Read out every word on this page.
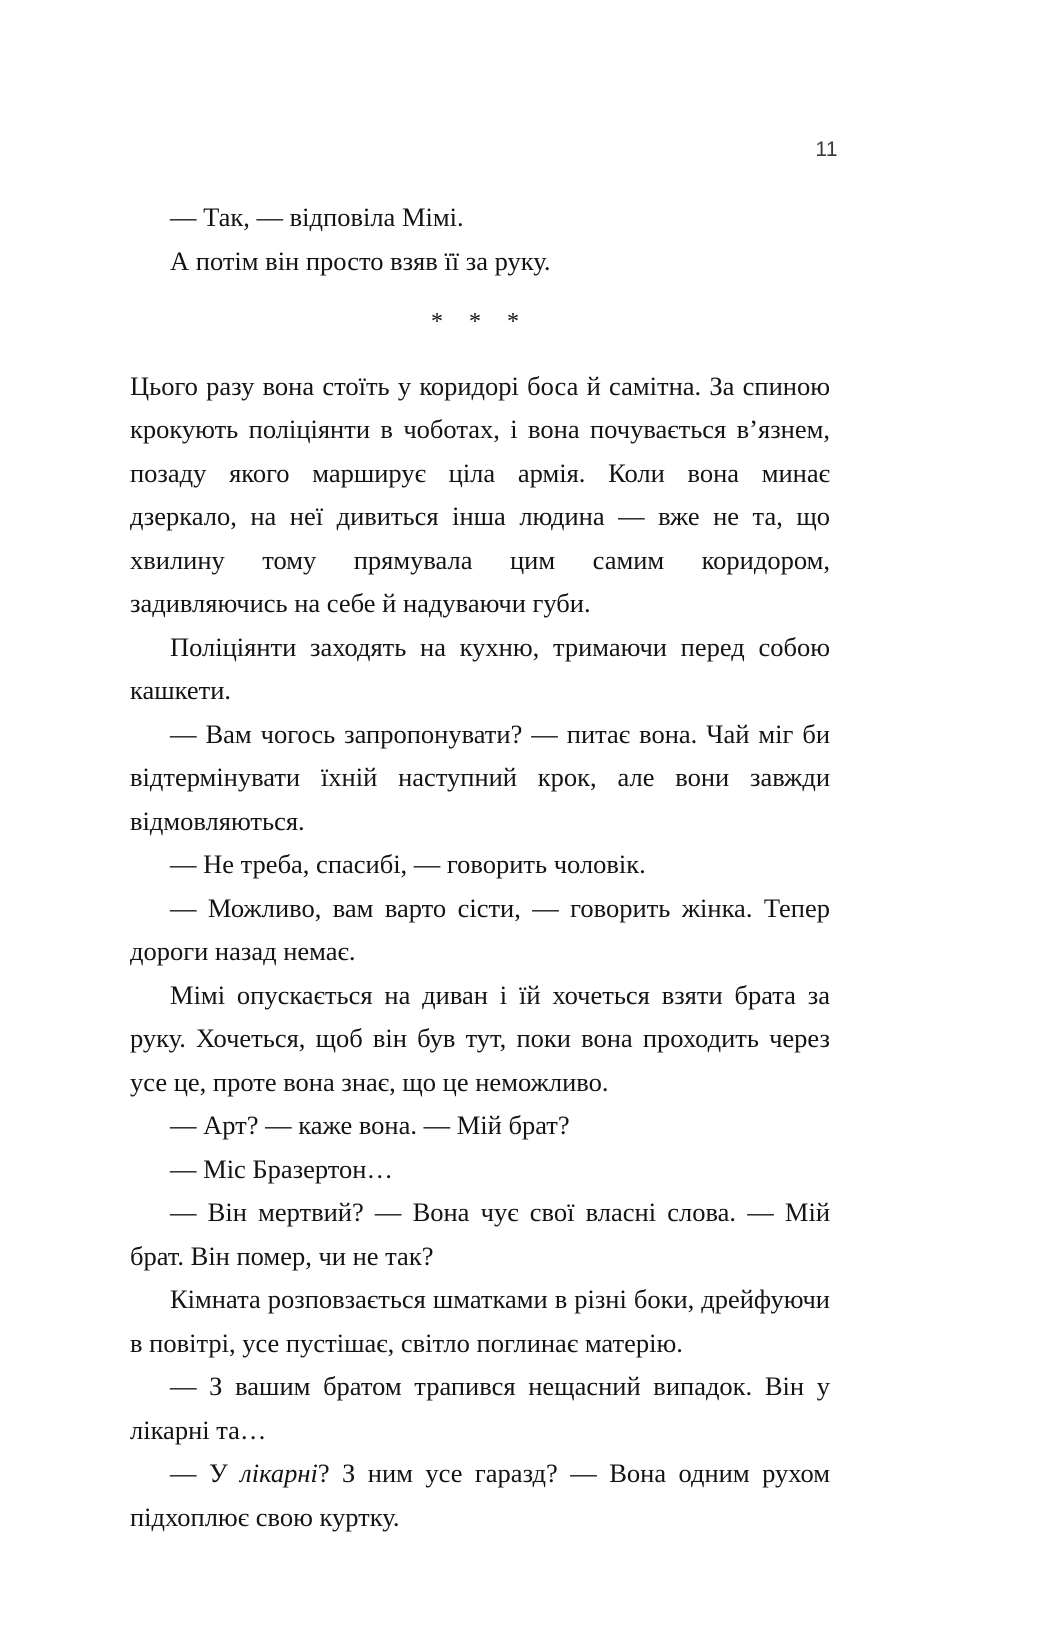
11

— Так, — відповіла Мімі.

А потім він просто взяв її за руку.

* * *

Цього разу вона стоїть у коридорі боса й самітна. За спиною крокують поліціянти в чоботах, і вона почувається в’язнем, позаду якого марширує ціла армія. Коли вона минає дзеркало, на неї дивиться інша людина — вже не та, що хвилину тому прямувала цим самим коридором, задивляючись на себе й надуваючи губи.

Поліціянти заходять на кухню, тримаючи перед собою кашкети.

— Вам чогось запропонувати? — питає вона. Чай міг би відтермінувати їхній наступний крок, але вони завжди відмовляються.

— Не треба, спасибі, — говорить чоловік.

— Можливо, вам варто сісти, — говорить жінка. Тепер дороги назад немає.

Мімі опускається на диван і їй хочеться взяти брата за руку. Хочеться, щоб він був тут, поки вона проходить через усе це, проте вона знає, що це неможливо.

— Арт? — каже вона. — Мій брат?

— Міс Бразертон…

— Він мертвий? — Вона чує свої власні слова. — Мій брат. Він помер, чи не так?

Кімната розповзається шматками в різні боки, дрейфуючи в повітрі, усе пустішає, світло поглинає матерію.

— З вашим братом трапився нещасний випадок. Він у лікарні та…

— У лікарні? З ним усе гаразд? — Вона одним рухом підхоплює свою куртку.
